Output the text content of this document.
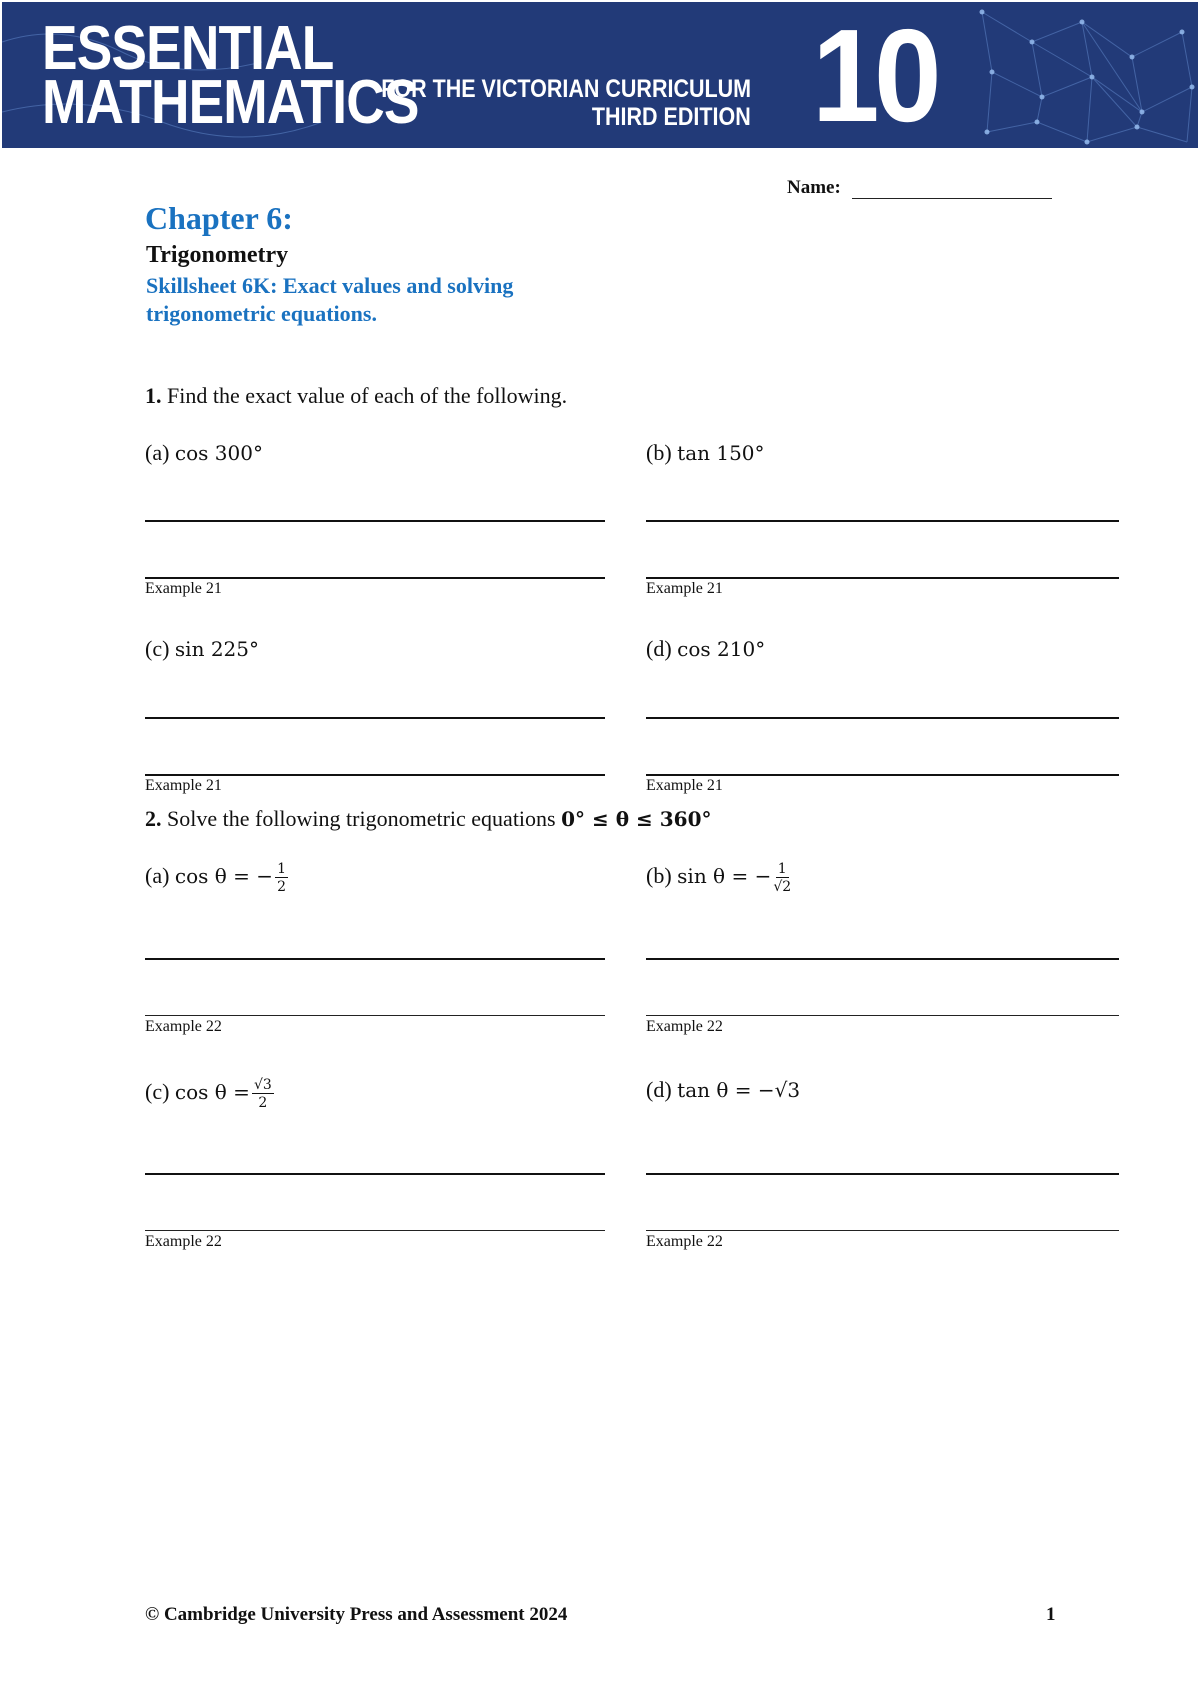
ESSENTIAL
MATHEMATICS
FOR THE VICTORIAN CURRICULUM
THIRD EDITION 10
Name:
Chapter 6:
Trigonometry
Skillsheet 6K: Exact values and solving trigonometric equations.
1. Find the exact value of each of the following.
(a) cos 300°
Example 21
(b) tan 150°
Example 21
(c) sin 225°
Example 21
(d) cos 210°
Example 21
2. Solve the following trigonometric equations 0° ≤ θ ≤ 360°
(a) cos θ = − $\frac{1}{2}$
Example 22
(b) sin θ = − $\frac{1}{√2}$
Example 22
(c) $\cos \theta = \frac{√3}{2}$
Example 22
(d) tan θ = −√3
Example 22
© Cambridge University Press and Assessment 2024	1
